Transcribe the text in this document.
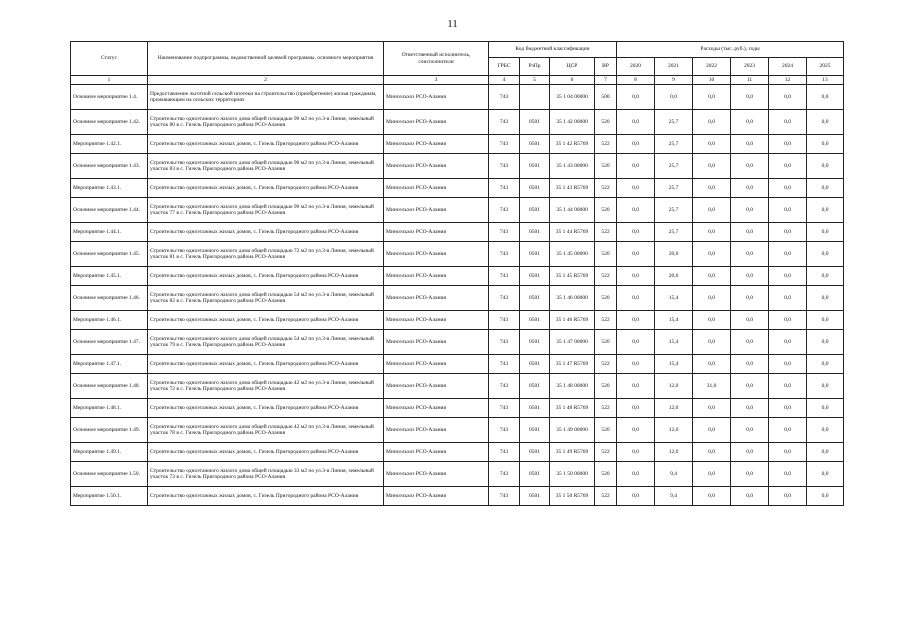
11
Статус	Наименование подпрограммы, ведомственной целевой программы, основного мероприятия	Ответственный исполнитель, соисполнители	Код бюджетной классификации				Расходы (тыс. руб.), годы					
			ГРБС	РзПр	ЦСР	ВР	2020	2021	2022	2023	2024	2025
1	2	3	4	5	6	7	8	9	10	11	12	13
Основное мероприятие 1.4.	Предоставление льготной сельской ипотеки на строительство (приобретение) жилья гражданам, проживающим на сельских территориях	Минсельхоз РСО-Алания	743		35 1 04 00000	500	0,0	0,0	0,0	0,0	0,0	0,0
Основное мероприятие 1.42.	Строительство одноэтажного жилого дома общей площадью 90 м2 по ул.3-я Линия, земельный участок 80 в с. Гизель Пригородного района РСО-Алания	Минсельхоз РСО-Алания	743	0501	35 1 42 00000	520	0,0	25,7	0,0	0,0	0,0	0,0
Мероприятие 1.42.1.	Строительство одноэтажных жилых домов, с. Гизель Пригородного района РСО-Алания	Минсельхоз РСО-Алания	743	0501	35 1 42 R5769	522	0,0	25,7	0,0	0,0	0,0	0,0
Основное мероприятие 1.43.	Строительство одноэтажного жилого дома общей площадью 90 м2 по ул.3-я Линия, земельный участок 83 в с. Гизель Пригородного района РСО-Алания	Минсельхоз РСО-Алания	743	0501	35 1 43 00000	520	0,0	25,7	0,0	0,0	0,0	0,0
Мероприятие 1.43.1.	Строительство одноэтажных жилых домов, с. Гизель Пригородного района РСО-Алания	Минсельхоз РСО-Алания	743	0501	35 1 43 R5769	522	0,0	25,7	0,0	0,0	0,0	0,0
Основное мероприятие 1.44.	Строительство одноэтажного жилого дома общей площадью 90 м2 по ул.3-я Линия, земельный участок 77 в с. Гизель Пригородного района РСО-Алания	Минсельхоз РСО-Алания	743	0501	35 1 44 00000	520	0,0	25,7	0,0	0,0	0,0	0,0
Мероприятие 1.44.1.	Строительство одноэтажных жилых домов, с. Гизель Пригородного района РСО-Алания	Минсельхоз РСО-Алания	743	0501	35 1 44 R5769	522	0,0	25,7	0,0	0,0	0,0	0,0
Основное мероприятие 1.45.	Строительство одноэтажного жилого дома общей площадью 72 м2 по ул.3-я Линия, земельный участок 81 в с. Гизель Пригородного района РСО-Алания	Минсельхоз РСО-Алания	743	0501	35 1 45 00000	520	0,0	20,6	0,0	0,0	0,0	0,0
Мероприятие 1.45.1.	Строительство одноэтажных жилых домов, с. Гизель Пригородного района РСО-Алания	Минсельхоз РСО-Алания	743	0501	35 1 45 R5769	522	0,0	20,6	0,0	0,0	0,0	0,0
Основное мероприятие 1.46.	Строительство одноэтажного жилого дома общей площадью 54 м2 по ул.3-я Линия, земельный участок 82 в с. Гизель Пригородного района РСО-Алания	Минсельхоз РСО-Алания	743	0501	35 1 46 00000	520	0,0	15,4	0,0	0,0	0,0	0,0
Мероприятие 1.46.1.	Строительство одноэтажных жилых домов, с. Гизель Пригородного района РСО-Алания	Минсельхоз РСО-Алания	743	0501	35 1 46 R5769	522	0,0	15,4	0,0	0,0	0,0	0,0
Основное мероприятие 1.47.	Строительство одноэтажного жилого дома общей площадью 54 м2 по ул.3-я Линия, земельный участок 79 в с. Гизель Пригородного района РСО-Алания	Минсельхоз РСО-Алания	743	0501	35 1 47 00000	520	0,0	15,4	0,0	0,0	0,0	0,0
Мероприятие 1.47.1.	Строительство одноэтажных жилых домов, с. Гизель Пригородного района РСО-Алания	Минсельхоз РСО-Алания	743	0501	35 1 47 R5769	522	0,0	15,4	0,0	0,0	0,0	0,0
Основное мероприятие 1.48.	Строительство одноэтажного жилого дома общей площадью 42 м2 по ул.3-я Линия, земельный участок 72 в с. Гизель Пригородного района РСО-Алания	Минсельхоз РСО-Алания	743	0501	35 1 48 00000	520	0,0	12,0	31,0	0,0	0,0	0,0
Мероприятие 1.48.1.	Строительство одноэтажных жилых домов, с. Гизель Пригородного района РСО-Алания	Минсельхоз РСО-Алания	743	0501	35 1 48 R5769	522	0,0	12,0	0,0	0,0	0,0	0,0
Основное мероприятие 1.49.	Строительство одноэтажного жилого дома общей площадью 42 м2 по ул.3-я Линия, земельный участок 78 в с. Гизель Пригородного района РСО-Алания	Минсельхоз РСО-Алания	743	0501	35 1 49 00000	520	0,0	12,0	0,0	0,0	0,0	0,0
Мероприятие 1.49.1.	Строительство одноэтажных жилых домов, с. Гизель Пригородного района РСО-Алания	Минсельхоз РСО-Алания	743	0501	35 1 49 R5769	522	0,0	12,0	0,0	0,0	0,0	0,0
Основное мероприятие 1.50.	Строительство одноэтажного жилого дома общей площадью 33 м2 по ул.3-я Линия, земельный участок 73 в с. Гизель Пригородного района РСО-Алания	Минсельхоз РСО-Алания	743	0501	35 1 50 00000	520	0,0	9,4	0,0	0,0	0,0	0,0
Мероприятие 1.50.1.	Строительство одноэтажных жилых домов, с. Гизель Пригородного района РСО-Алания	Минсельхоз РСО-Алания	743	0501	35 1 50 R5769	522	0,0	9,4	0,0	0,0	0,0	0,0
